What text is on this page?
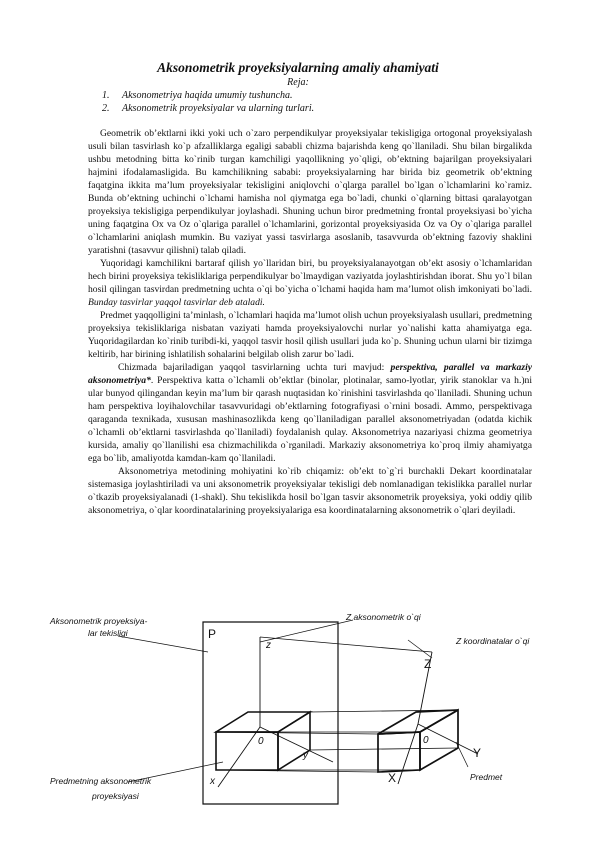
Aksonometrik proyeksiyalarning amaliy ahamiyati
Reja:
1. Aksonometriya haqida umumiy tushuncha.
2. Aksonometrik proyeksiyalar va ularning turlari.

Geometrik ob’ektlarni ikki yoki uch o`zaro perpendikulyar proyeksiyalar tekisligiga ortogonal proyeksiyalash usuli bilan tasvirlash ko`p afzalliklarga egaligi sababli chizma bajarishda keng qo`llaniladi. Shu bilan birgalikda ushbu metodning bitta ko`rinib turgan kamchiligi yaqollikning yo`qligi, ob’ektning bajarilgan proyeksiyalari hajmini ifodalamasligida. Bu kamchilikning sababi: proyeksiyalarning har birida biz geometrik ob’ektning faqatgina ikkita ma’lum proyeksiyalar tekisligini aniqlovchi o`qlarga parallel bo`lgan o`lchamlarini ko`ramiz. Bunda ob’ektning uchinchi o`lchami hamisha nol qiymatga ega bo`ladi, chunki o`qlarning bittasi qaralayotgan proyeksiya tekisligiga perpendikulyar joylashadi. Shuning uchun biror predmetning frontal proyeksiyasi bo`yicha uning faqatgina Ox va Oz o`qlariga parallel o`lchamlarini, gorizontal proyeksiyasida Oz va Oy o`qlariga parallel o`lchamlarini aniqlash mumkin. Bu vaziyat yassi tasvirlarga asoslanib, tasavvurda ob’ektning fazoviy shaklini yaratishni (tasavvur qilishni) talab qiladi.

Yuqoridagi kamchilikni bartaraf qilish yo`llaridan biri, bu proyeksiyalanayotgan ob’ekt asosiy o`lchamlaridan hech birini proyeksiya tekisliklariga perpendikulyar bo`lmaydigan vaziyatda joylashtirishdan iborat. Shu yo`l bilan hosil qilingan tasvirdan predmetning uchta o`qi bo`yicha o`lchami haqida ham ma’lumot olish imkoniyati bo`ladi. Bunday tasvirlar yaqqol tasvirlar deb ataladi.

Predmet yaqqolligini ta’minlash, o`lchamlari haqida ma’lumot olish uchun proyeksiyalash usullari, predmetning proyeksiya tekisliklariga nisbatan vaziyati hamda proyeksiyalovchi nurlar yo`nalishi katta ahamiyatga ega. Yuqoridagilardan ko`rinib turibdi-ki, yaqqol tasvir hosil qilish usullari juda ko`p. Shuning uchun ularni bir tizimga keltirib, har birining ishlatilish sohalarini belgilab olish zarur bo`ladi.

Chizmada bajariladigan yaqqol tasvirlarning uchta turi mavjud: perspektiva, parallel va markaziy aksonometriya*. Perspektiva katta o`lchamli ob’ektlar (binolar, plotinalar, samo-lyotlar, yirik stanoklar va h.)ni ular bunyod qilingandan keyin ma’lum bir qarash nuqtasidan ko`rinishini tasvirlashda qo`llaniladi. Shuning uchun ham perspektiva loyihalovchilar tasavvuridagi ob’ektlarning fotografiyasi o`rnini bosadi. Ammo, perspektivaga qaraganda texnikada, xususan mashinasozlikda keng qo`llaniladigan parallel aksonometriyadan (odatda kichik o`lchamli ob’ektlarni tasvirlashda qo`llaniladi) foydalanish qulay. Aksonometriya nazariyasi chizma geometriya kursida, amaliy qo`llanilishi esa chizmachilikda o`rganiladi. Markaziy aksonometriya ko`proq ilmiy ahamiyatga ega bo`lib, amaliyotda kamdan-kam qo`llaniladi.

Aksonometriya metodining mohiyatini ko`rib chiqamiz: ob’ekt to`g`ri burchakli Dekart koordinatalar sistemasiga joylashtiriladi va uni aksonometrik proyeksiyalar tekisligi deb nomlanadigan tekislikka parallel nurlar o`tkazib proyeksiyalanadi (1-shakl). Shu tekislikda hosil bo`lgan tasvir aksonometrik proyeksiya, yoki oddiy qilib aksonometriya, o`qlar koordinatalarining proyeksiyalariga esa koordinatalarning aksonometrik o`qlari deyiladi.

Aksonometrik proyeksiya-
lar tekisligi
Predmetning aksonometrik
proyeksiyasi
Z aksonometrik o`qi
Z koordinatalar o`qi
Predmet
P
z
Z
0	0
y
x	X
Y
